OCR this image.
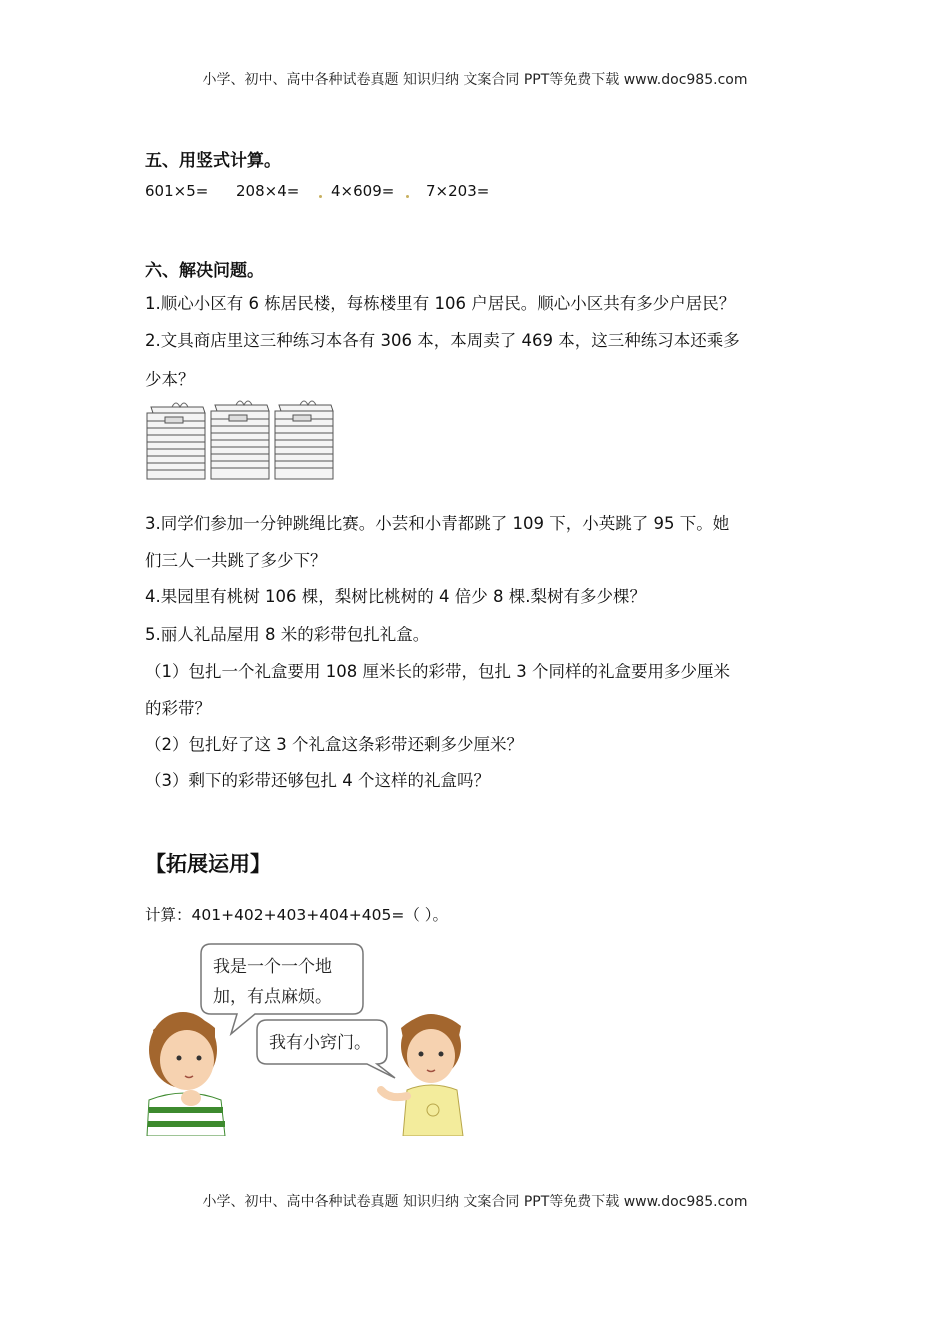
小学、初中、高中各种试卷真题 知识归纳 文案合同 PPT等免费下载 www.doc985.com
五、用竖式计算。
601×5= 208×4= 4×609= 7×203=
六、解决问题。
1.顺心小区有 6 栋居民楼，每栋楼里有 106 户居民。顺心小区共有多少户居民？
2.文具商店里这三种练习本各有 306 本，本周卖了 469 本，这三种练习本还乘多
少本？
3.同学们参加一分钟跳绳比赛。小芸和小青都跳了 109 下，小英跳了 95 下。她
们三人一共跳了多少下？
4.果园里有桃树 106 棵，梨树比桃树的 4 倍少 8 棵.梨树有多少棵？
5.丽人礼品屋用 8 米的彩带包扎礼盒。
（1）包扎一个礼盒要用 108 厘米长的彩带，包扎 3 个同样的礼盒要用多少厘米
的彩带？
（2）包扎好了这 3 个礼盒这条彩带还剩多少厘米？
（3）剩下的彩带还够包扎 4 个这样的礼盒吗？
【拓展运用】
计算：401+402+403+404+405=（ ）。
我是一个一个地
加，有点麻烦。
我有小窍门。
小学、初中、高中各种试卷真题 知识归纳 文案合同 PPT等免费下载 www.doc985.com
